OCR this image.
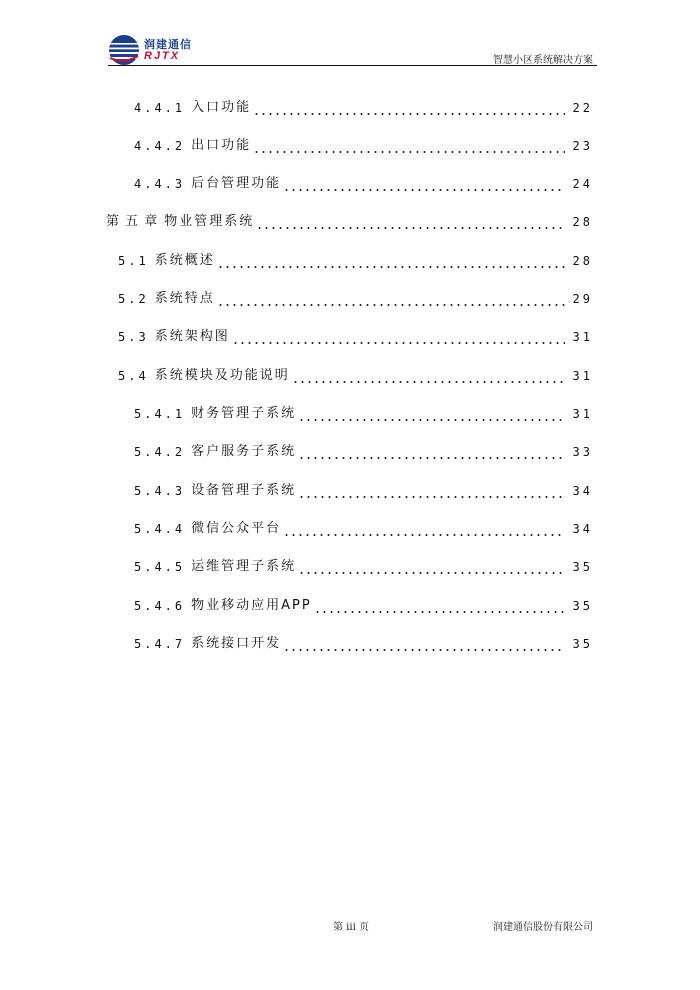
润建通信
RJTX	智慧小区系统解决方案
4.4.1 入口功能	22
4.4.2 出口功能	23
4.4.3 后台管理功能	24
第 五 章 物业管理系统	28
5.1 系统概述	28
5.2 系统特点	29
5.3 系统架构图	31
5.4 系统模块及功能说明	31
5.4.1 财务管理子系统	31
5.4.2 客户服务子系统	33
5.4.3 设备管理子系统	34
5.4.4 微信公众平台	34
5.4.5 运维管理子系统	35
5.4.6 物业移动应用APP	35
5.4.7 系统接口开发	35
第 iii 页	润建通信股份有限公司
